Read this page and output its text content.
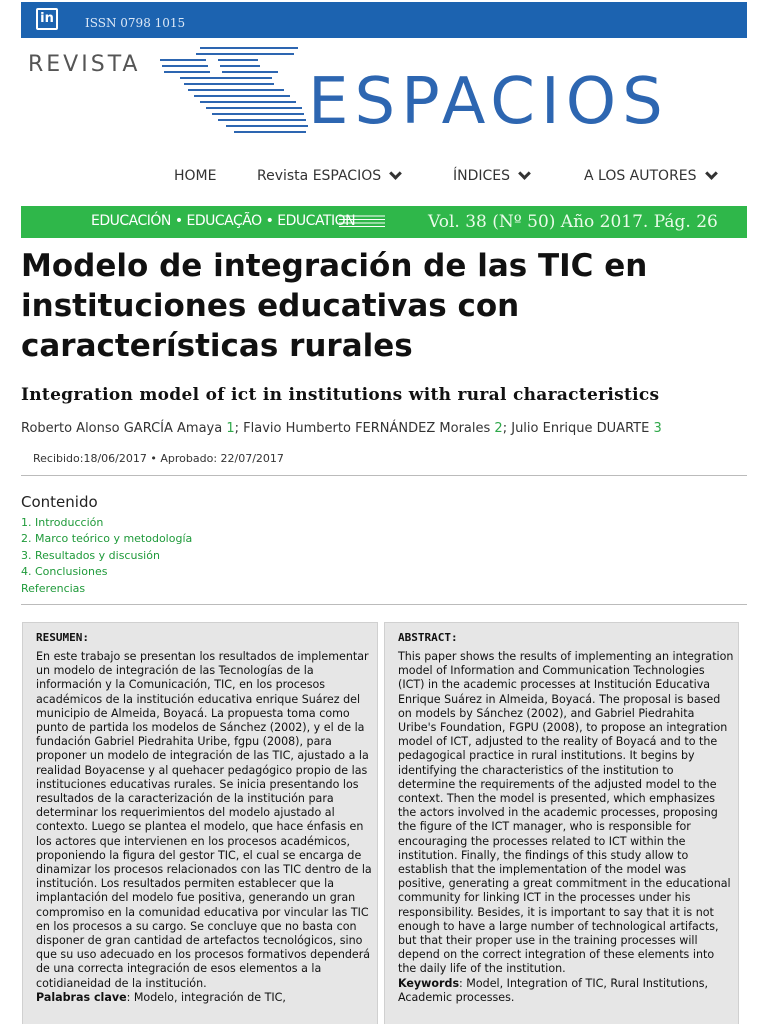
in	ISSN 0798 1015
REVISTA
ESPACIOS
HOME	Revista ESPACIOS	ÍNDICES	A LOS AUTORES
EDUCACIÓN • EDUCAÇÃO • EDUCATION	Vol. 38 (Nº 50) Año 2017. Pág. 26
Modelo de integración de las TIC en instituciones educativas con características rurales
Integration model of ict in institutions with rural characteristics
Roberto Alonso GARCÍA Amaya 1; Flavio Humberto FERNÁNDEZ Morales 2; Julio Enrique DUARTE 3
Recibido:18/06/2017 • Aprobado: 22/07/2017
Contenido
1. Introducción
2. Marco teórico y metodología
3. Resultados y discusión
4. Conclusiones
Referencias
RESUMEN:
En este trabajo se presentan los resultados de implementar un modelo de integración de las Tecnologías de la información y la Comunicación, TIC, en los procesos académicos de la institución educativa enrique Suárez del municipio de Almeida, Boyacá. La propuesta toma como punto de partida los modelos de Sánchez (2002), y el de la fundación Gabriel Piedrahita Uribe, fgpu (2008), para proponer un modelo de integración de las TIC, ajustado a la realidad Boyacense y al quehacer pedagógico propio de las instituciones educativas rurales. Se inicia presentando los resultados de la caracterización de la institución para determinar los requerimientos del modelo ajustado al contexto. Luego se plantea el modelo, que hace énfasis en los actores que intervienen en los procesos académicos, proponiendo la figura del gestor TIC, el cual se encarga de dinamizar los procesos relacionados con las TIC dentro de la institución. Los resultados permiten establecer que la implantación del modelo fue positiva, generando un gran compromiso en la comunidad educativa por vincular las TIC en los procesos a su cargo. Se concluye que no basta con disponer de gran cantidad de artefactos tecnológicos, sino que su uso adecuado en los procesos formativos dependerá de una correcta integración de esos elementos a la cotidianeidad de la institución.
Palabras clave: Modelo, integración de TIC,
ABSTRACT:
This paper shows the results of implementing an integration model of Information and Communication Technologies (ICT) in the academic processes at Institución Educativa Enrique Suárez in Almeida, Boyacá. The proposal is based on models by Sánchez (2002), and Gabriel Piedrahita Uribe's Foundation, FGPU (2008), to propose an integration model of ICT, adjusted to the reality of Boyacá and to the pedagogical practice in rural institutions. It begins by identifying the characteristics of the institution to determine the requirements of the adjusted model to the context. Then the model is presented, which emphasizes the actors involved in the academic processes, proposing the figure of the ICT manager, who is responsible for encouraging the processes related to ICT within the institution. Finally, the findings of this study allow to establish that the implementation of the model was positive, generating a great commitment in the educational community for linking ICT in the processes under his responsibility. Besides, it is important to say that it is not enough to have a large number of technological artifacts, but that their proper use in the training processes will depend on the correct integration of these elements into the daily life of the institution.
Keywords: Model, Integration of TIC, Rural Institutions, Academic processes.
